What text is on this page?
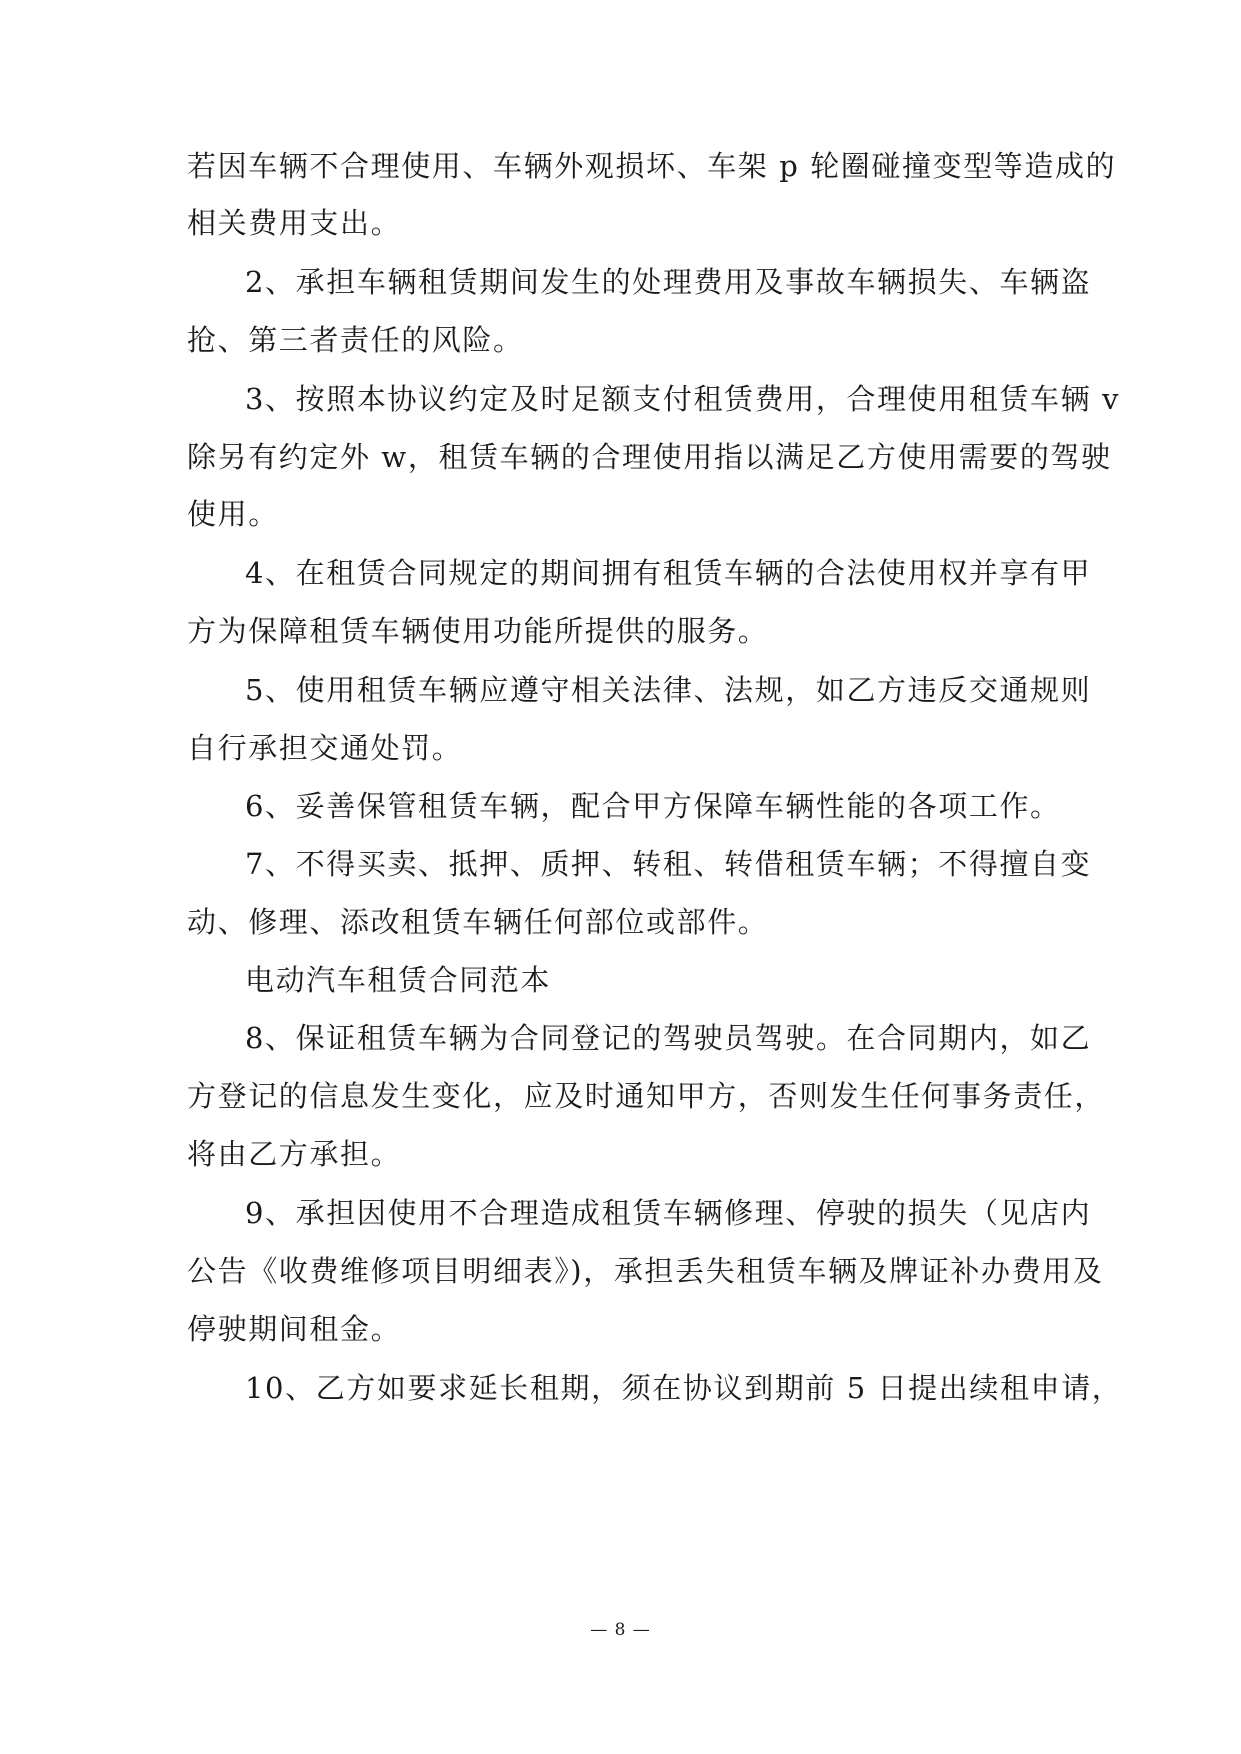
若因车辆不合理使用、车辆外观损坏、车架 p 轮圈碰撞变型等造成的
相关费用支出。
2、承担车辆租赁期间发生的处理费用及事故车辆损失、车辆盗
抢、第三者责任的风险。
3、按照本协议约定及时足额支付租赁费用，合理使用租赁车辆 v
除另有约定外 w，租赁车辆的合理使用指以满足乙方使用需要的驾驶
使用。
4、在租赁合同规定的期间拥有租赁车辆的合法使用权并享有甲
方为保障租赁车辆使用功能所提供的服务。
5、使用租赁车辆应遵守相关法律、法规，如乙方违反交通规则
自行承担交通处罚。
6、妥善保管租赁车辆，配合甲方保障车辆性能的各项工作。
7、不得买卖、抵押、质押、转租、转借租赁车辆；不得擅自变
动、修理、添改租赁车辆任何部位或部件。
电动汽车租赁合同范本
8、保证租赁车辆为合同登记的驾驶员驾驶。在合同期内，如乙
方登记的信息发生变化，应及时通知甲方，否则发生任何事务责任，
将由乙方承担。
9、承担因使用不合理造成租赁车辆修理、停驶的损失（见店内
公告《收费维修项目明细表》)，承担丢失租赁车辆及牌证补办费用及
停驶期间租金。
10、乙方如要求延长租期，须在协议到期前 5 日提出续租申请，
— 8 —
